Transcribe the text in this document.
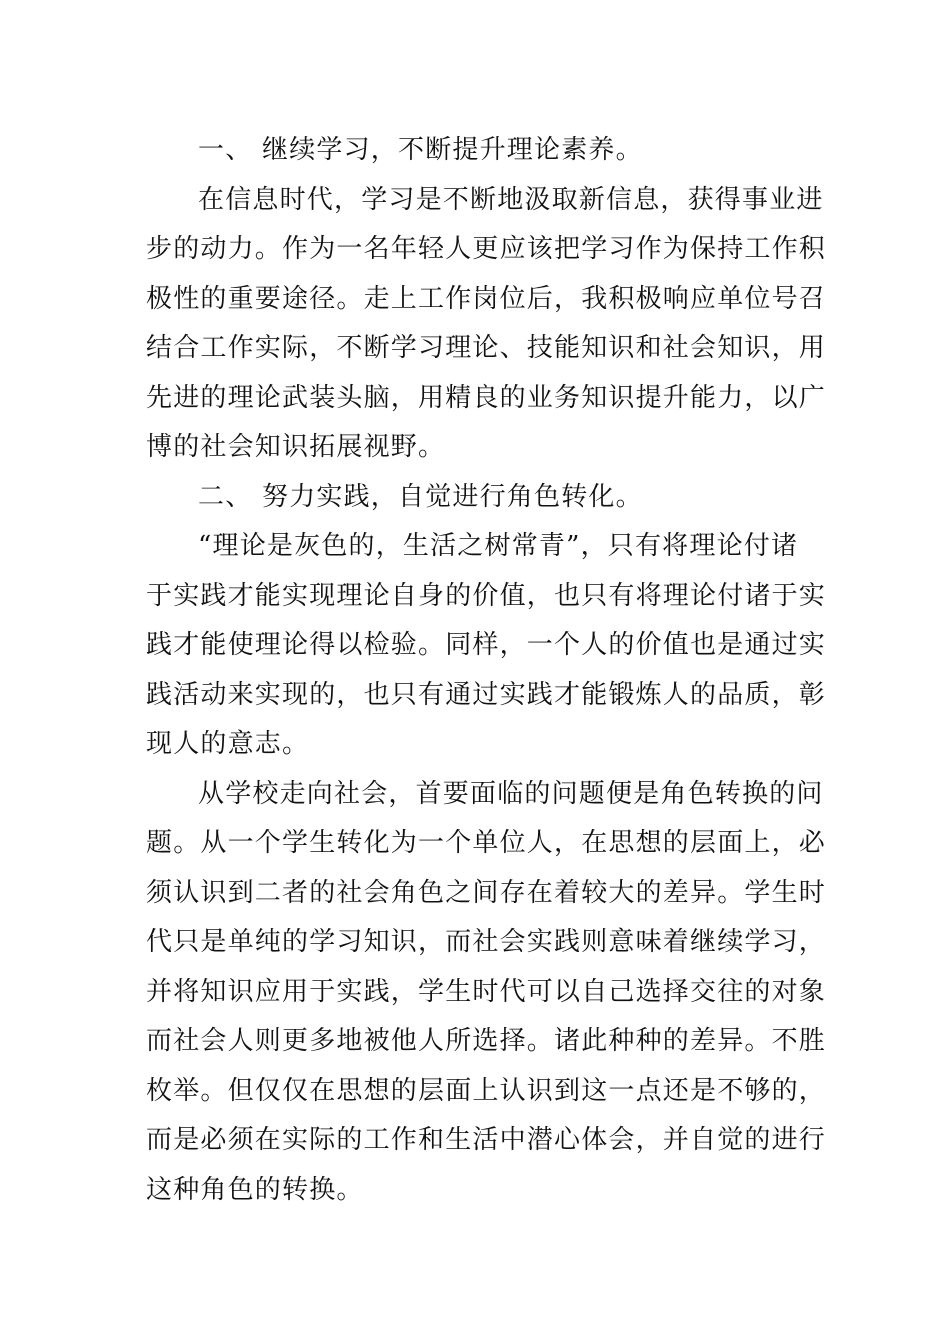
一、 继续学习，不断提升理论素养。
在信息时代，学习是不断地汲取新信息，获得事业进
步的动力。作为一名年轻人更应该把学习作为保持工作积
极性的重要途径。走上工作岗位后，我积极响应单位号召
结合工作实际，不断学习理论、技能知识和社会知识，用
先进的理论武装头脑，用精良的业务知识提升能力，以广
博的社会知识拓展视野。
二、 努力实践，自觉进行角色转化。
“理论是灰色的，生活之树常青”，只有将理论付诸
于实践才能实现理论自身的价值，也只有将理论付诸于实
践才能使理论得以检验。同样，一个人的价值也是通过实
践活动来实现的，也只有通过实践才能锻炼人的品质，彰
现人的意志。
从学校走向社会，首要面临的问题便是角色转换的问
题。从一个学生转化为一个单位人，在思想的层面上，必
须认识到二者的社会角色之间存在着较大的差异。学生时
代只是单纯的学习知识，而社会实践则意味着继续学习，
并将知识应用于实践，学生时代可以自己选择交往的对象
而社会人则更多地被他人所选择。诸此种种的差异。不胜
枚举。但仅仅在思想的层面上认识到这一点还是不够的，
而是必须在实际的工作和生活中潜心体会，并自觉的进行
这种角色的转换。
